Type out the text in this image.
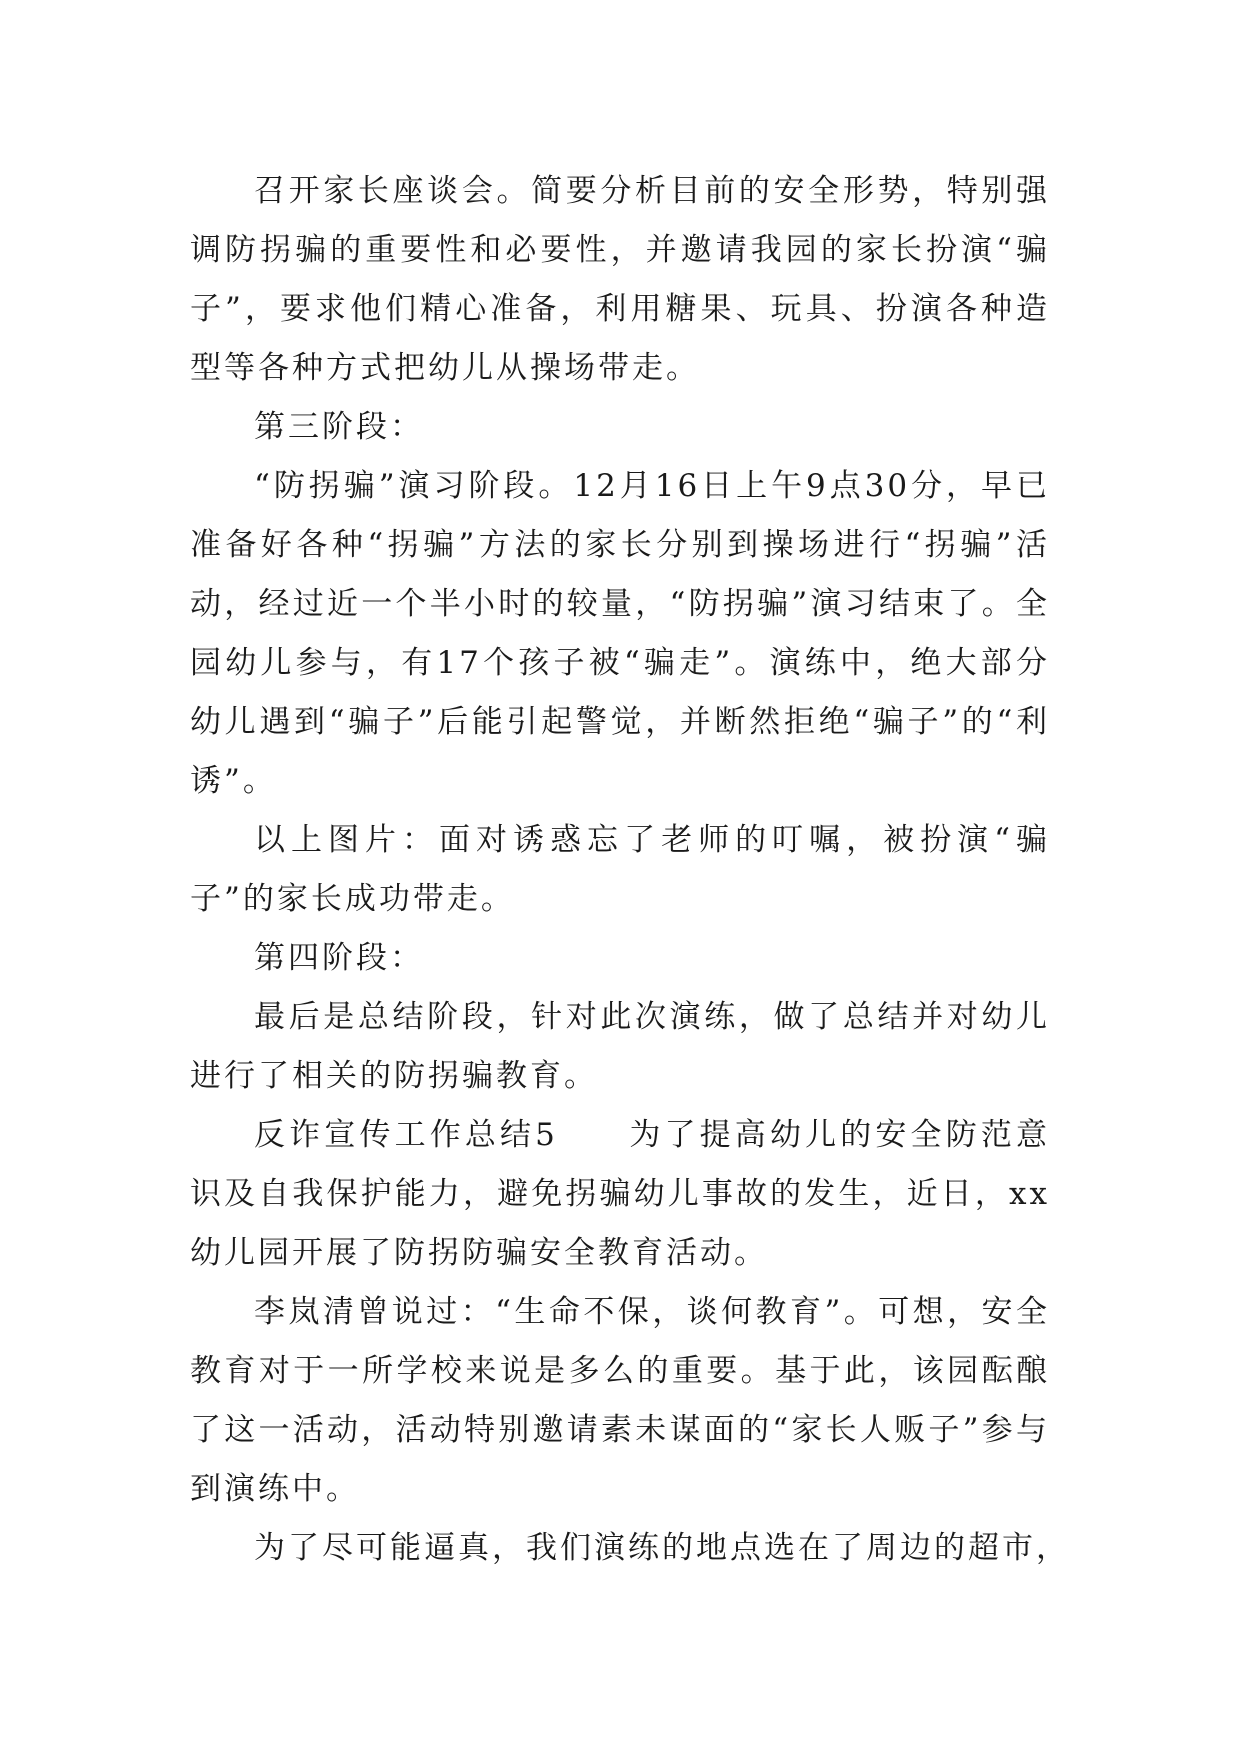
召开家长座谈会。简要分析目前的安全形势，特别强调防拐骗的重要性和必要性，并邀请我园的家长扮演“骗子”，要求他们精心准备，利用糖果、玩具、扮演各种造型等各种方式把幼儿从操场带走。

第三阶段：

“防拐骗”演习阶段。12月16日上午9点30分，早已准备好各种“拐骗”方法的家长分别到操场进行“拐骗”活动，经过近一个半小时的较量，“防拐骗”演习结束了。全园幼儿参与，有17个孩子被“骗走”。演练中，绝大部分幼儿遇到“骗子”后能引起警觉，并断然拒绝“骗子”的“利诱”。

以上图片：面对诱惑忘了老师的叮嘱，被扮演“骗子”的家长成功带走。

第四阶段：

最后是总结阶段，针对此次演练，做了总结并对幼儿进行了相关的防拐骗教育。

反诈宣传工作总结5　　为了提高幼儿的安全防范意识及自我保护能力，避免拐骗幼儿事故的发生，近日，xx幼儿园开展了防拐防骗安全教育活动。

李岚清曾说过：“生命不保，谈何教育”。可想，安全教育对于一所学校来说是多么的重要。基于此，该园酝酿了这一活动，活动特别邀请素未谋面的“家长人贩子”参与到演练中。

为了尽可能逼真，我们演练的地点选在了周边的超市，
